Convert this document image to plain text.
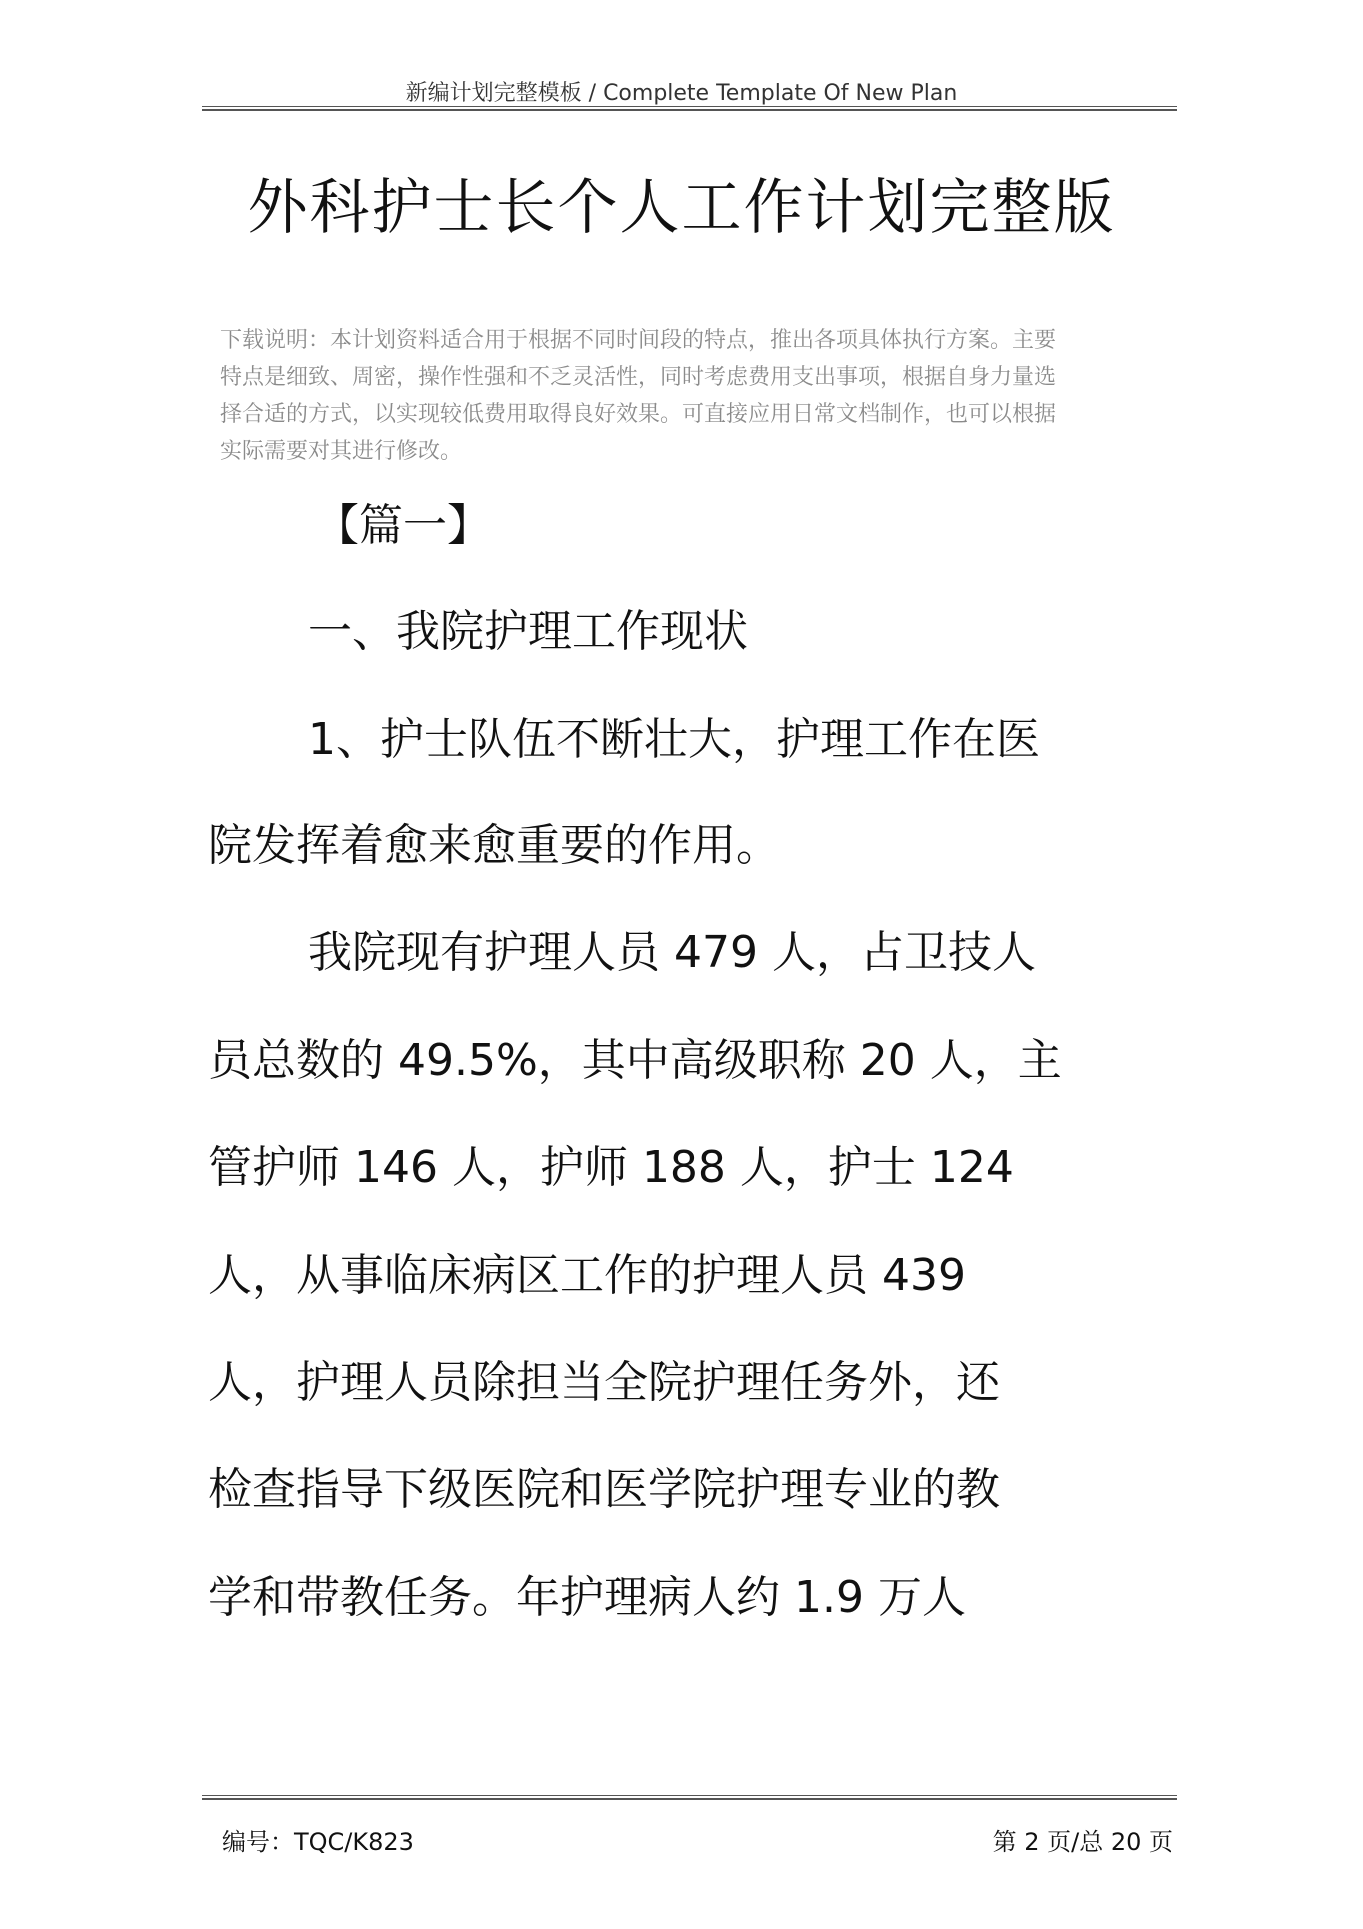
新编计划完整模板 / Complete Template Of New Plan
外科护士长个人工作计划完整版
下载说明：本计划资料适合用于根据不同时间段的特点，推出各项具体执行方案。主要
特点是细致、周密，操作性强和不乏灵活性，同时考虑费用支出事项，根据自身力量选
择合适的方式，以实现较低费用取得良好效果。可直接应用日常文档制作，也可以根据
实际需要对其进行修改。
【篇一】
一、我院护理工作现状
1、护士队伍不断壮大，护理工作在医
院发挥着愈来愈重要的作用。
我院现有护理人员 479 人，占卫技人
员总数的 49.5%，其中高级职称 20 人，主
管护师 146 人，护师 188 人，护士 124
人，从事临床病区工作的护理人员 439
人，护理人员除担当全院护理任务外，还
检查指导下级医院和医学院护理专业的教
学和带教任务。年护理病人约 1.9 万人
编号：TQC/K823	第 2 页/总 20 页
